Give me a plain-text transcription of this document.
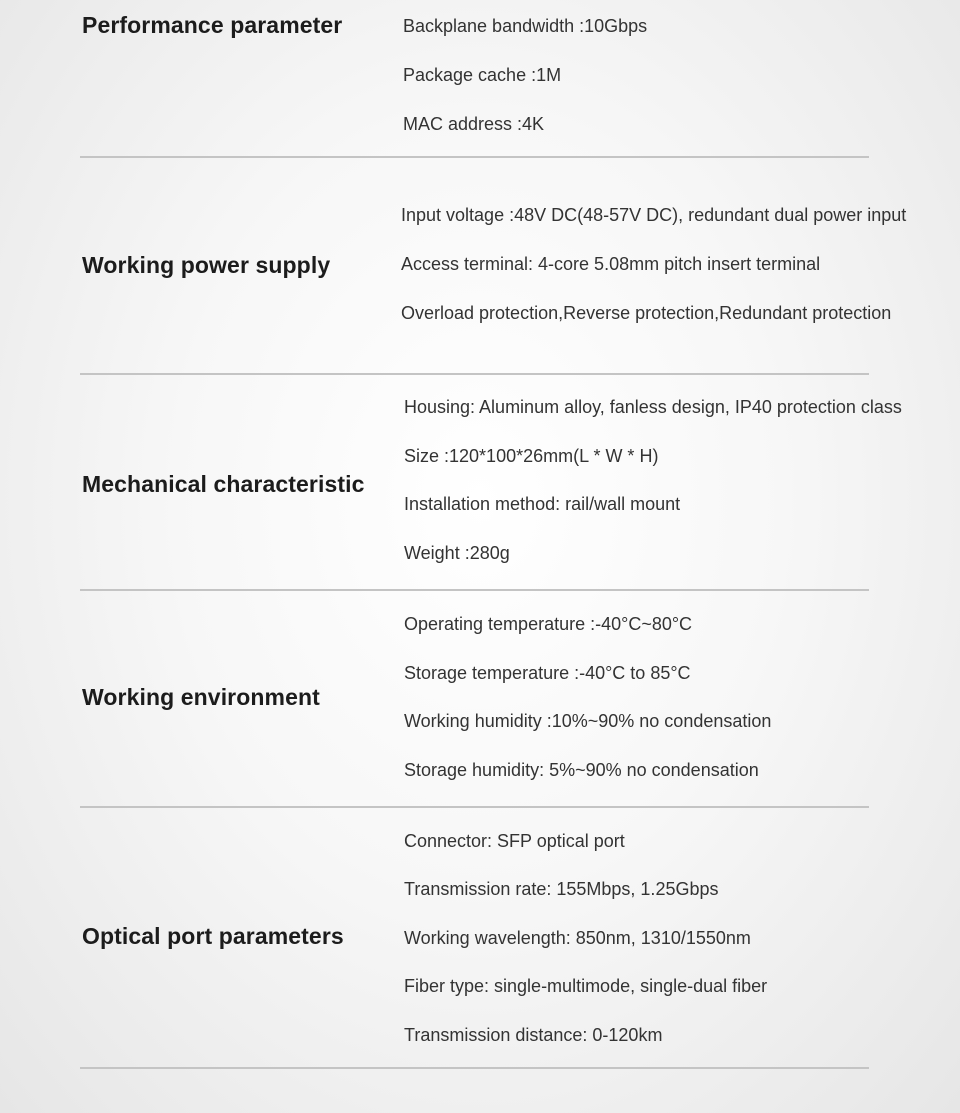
Performance parameter	Backplane bandwidth :10Gbps

Package cache :1M

MAC address :4K

Working power supply

Input voltage :48V DC(48-57V DC), redundant dual power input

Access terminal: 4-core 5.08mm pitch insert terminal

Overload protection,Reverse protection,Redundant protection

Mechanical characteristic

Housing: Aluminum alloy, fanless design, IP40 protection class

Size :120*100*26mm(L * W * H)

Installation method: rail/wall mount

Weight :280g

Working environment

Operating temperature :-40°C~80°C

Storage temperature :-40°C to 85°C

Working humidity :10%~90% no condensation

Storage humidity: 5%~90% no condensation

Optical port parameters

Connector: SFP optical port

Transmission rate: 155Mbps, 1.25Gbps

Working wavelength: 850nm, 1310/1550nm

Fiber type: single-multimode, single-dual fiber

Transmission distance: 0-120km
